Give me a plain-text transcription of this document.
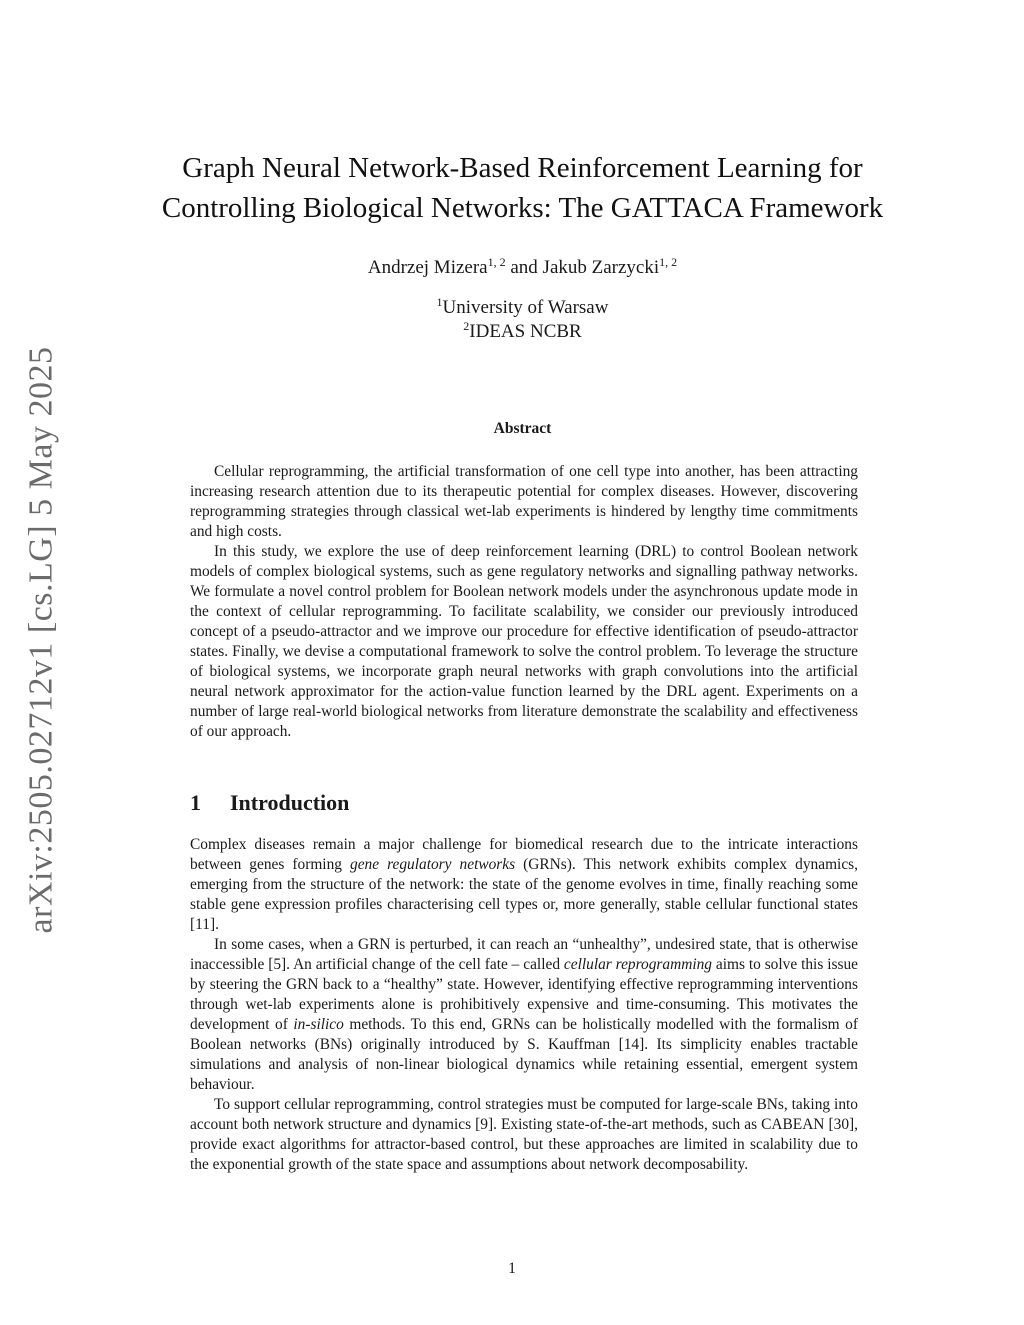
arXiv:2505.02712v1 [cs.LG] 5 May 2025
Graph Neural Network-Based Reinforcement Learning for
Controlling Biological Networks: The GATTACA Framework
Andrzej Mizera$^{1, 2}$ and Jakub Zarzycki$^{1, 2}$
$^1$University of Warsaw
$^2$IDEAS NCBR
Abstract

Cellular reprogramming, the artificial transformation of one cell type into another, has been attracting increasing research attention due to its therapeutic potential for complex diseases. However, discovering reprogramming strategies through classical wet-lab experiments is hindered by lengthy time commitments and high costs.

In this study, we explore the use of deep reinforcement learning (DRL) to control Boolean network models of complex biological systems, such as gene regulatory networks and signalling pathway networks. We formulate a novel control problem for Boolean network models under the asynchronous update mode in the context of cellular reprogramming. To facilitate scalability, we consider our previously introduced concept of a pseudo-attractor and we improve our procedure for effective identification of pseudo-attractor states. Finally, we devise a computational framework to solve the control problem. To leverage the structure of biological systems, we incorporate graph neural networks with graph convolutions into the artificial neural network approximator for the action-value function learned by the DRL agent. Experiments on a number of large real-world biological networks from literature demonstrate the scalability and effectiveness of our approach.

1 Introduction

Complex diseases remain a major challenge for biomedical research due to the intricate interactions between genes forming gene regulatory networks (GRNs). This network exhibits complex dynamics, emerging from the structure of the network: the state of the genome evolves in time, finally reaching some stable gene expression profiles characterising cell types or, more generally, stable cellular functional states [11].

In some cases, when a GRN is perturbed, it can reach an “unhealthy”, undesired state, that is otherwise inaccessible [5]. An artificial change of the cell fate – called cellular reprogramming aims to solve this issue by steering the GRN back to a “healthy” state. However, identifying effective reprogramming interventions through wet-lab experiments alone is prohibitively expensive and time-consuming. This motivates the development of in-silico methods. To this end, GRNs can be holistically modelled with the formalism of Boolean networks (BNs) originally introduced by S. Kauffman [14]. Its simplicity enables tractable simulations and analysis of non-linear biological dynamics while retaining essential, emergent system behaviour.

To support cellular reprogramming, control strategies must be computed for large-scale BNs, taking into account both network structure and dynamics [9]. Existing state-of-the-art methods, such as CABEAN [30], provide exact algorithms for attractor-based control, but these approaches are limited in scalability due to the exponential growth of the state space and assumptions about network decomposability.

1
